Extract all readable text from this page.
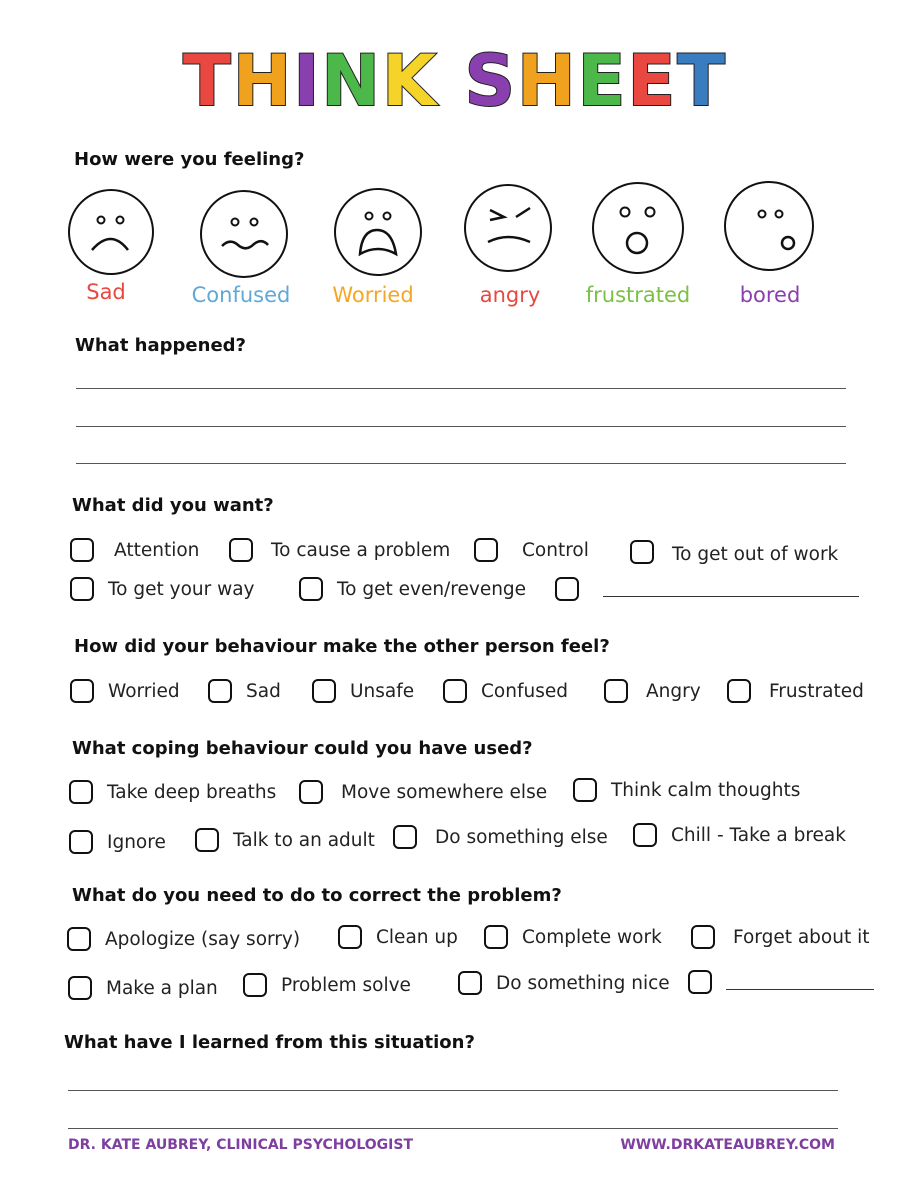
THINK SHEET
How were you feeling?
Sad	Confused	Worried	angry	frustrated	bored
What happened?
What did you want?
Attention	To cause a problem	Control	To get out of work
To get your way	To get even/revenge
How did your behaviour make the other person feel?
Worried	Sad	Unsafe	Confused	Angry	Frustrated
What coping behaviour could you have used?
Take deep breaths	Move somewhere else	Think calm thoughts
Ignore	Talk to an adult	Do something else	Chill - Take a break
What do you need to do to correct the problem?
Apologize (say sorry)	Clean up	Complete work	Forget about it
Make a plan	Problem solve	Do something nice
What have I learned from this situation?
DR. KATE AUBREY, CLINICAL PSYCHOLOGIST	WWW.DRKATEAUBREY.COM
